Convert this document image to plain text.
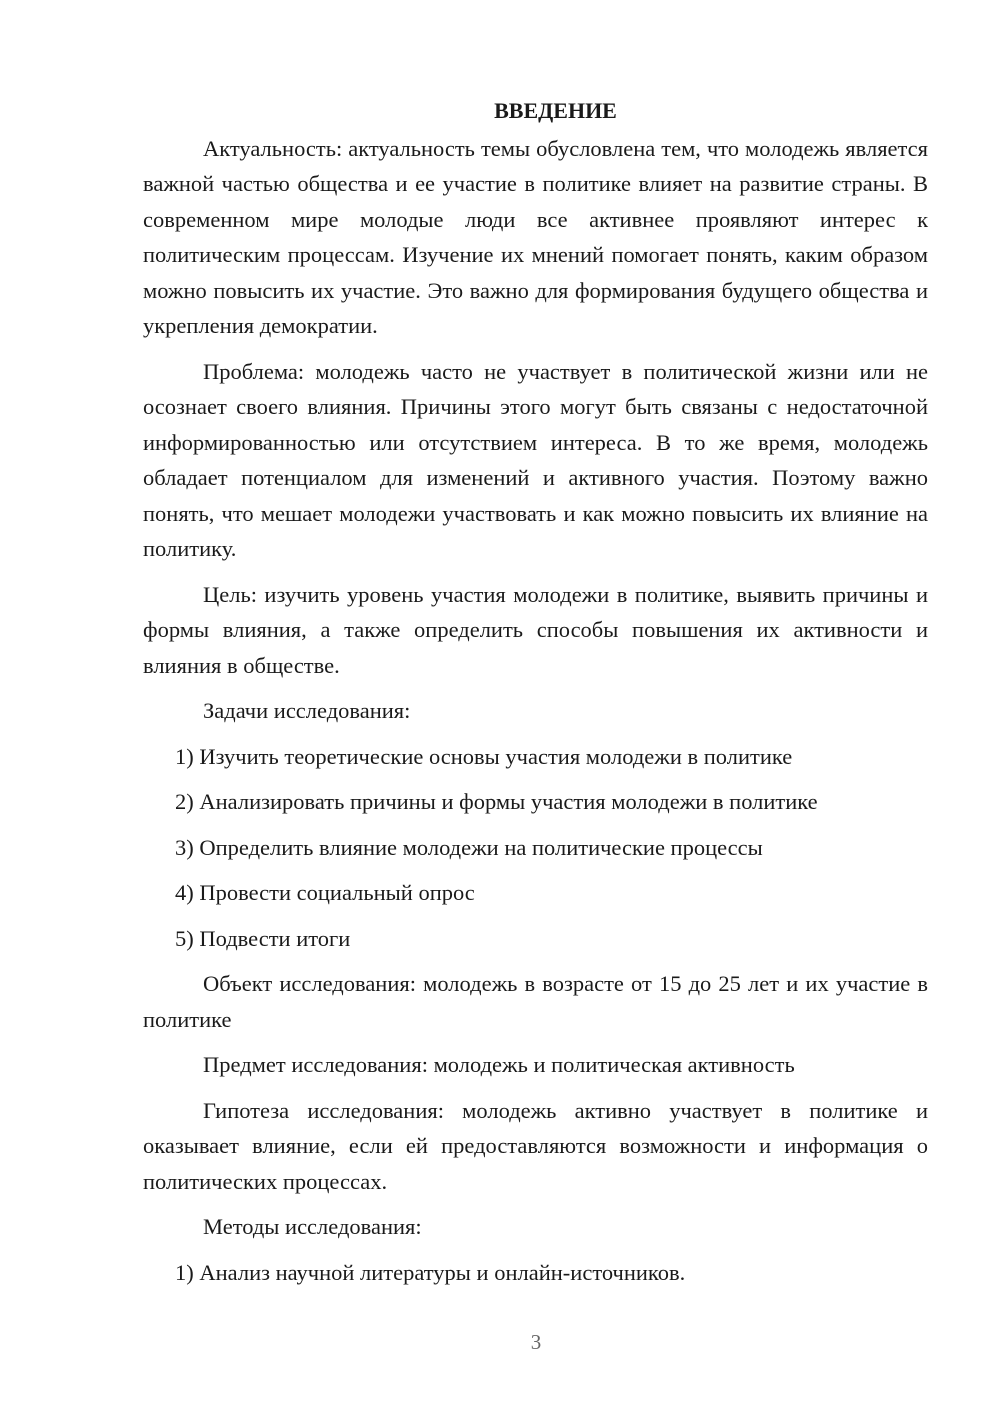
ВВЕДЕНИЕ

Актуальность: актуальность темы обусловлена тем, что молодежь является важной частью общества и ее участие в политике влияет на развитие страны. В современном мире молодые люди все активнее проявляют интерес к политическим процессам. Изучение их мнений помогает понять, каким образом можно повысить их участие. Это важно для формирования будущего общества и укрепления демократии.

Проблема: молодежь часто не участвует в политической жизни или не осознает своего влияния. Причины этого могут быть связаны с недостаточной информированностью или отсутствием интереса. В то же время, молодежь обладает потенциалом для изменений и активного участия. Поэтому важно понять, что мешает молодежи участвовать и как можно повысить их влияние на политику.

Цель: изучить уровень участия молодежи в политике, выявить причины и формы влияния, а также определить способы повышения их активности и влияния в обществе.

Задачи исследования:

1) Изучить теоретические основы участия молодежи в политике
2) Анализировать причины и формы участия молодежи в политике
3) Определить влияние молодежи на политические процессы
4) Провести социальный опрос
5) Подвести итоги

Объект исследования: молодежь в возрасте от 15 до 25 лет и их участие в политике

Предмет исследования: молодежь и политическая активность

Гипотеза исследования: молодежь активно участвует в политике и оказывает влияние, если ей предоставляются возможности и информация о политических процессах.

Методы исследования:

1) Анализ научной литературы и онлайн-источников.
3
